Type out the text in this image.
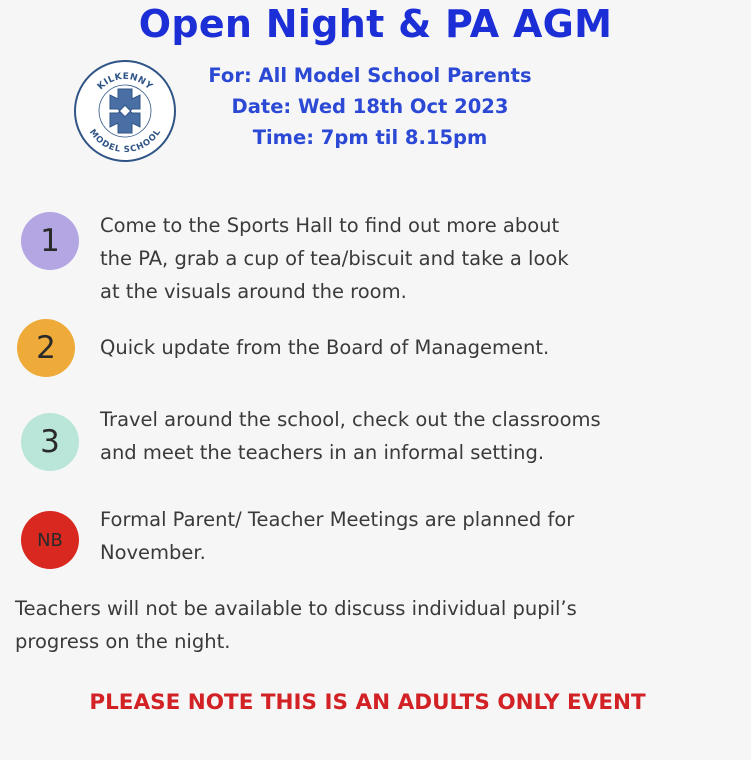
Open Night & PA AGM
KILKENNY
MODEL SCHOOL
For: All Model School Parents
Date: Wed 18th Oct 2023
Time: 7pm til 8.15pm
1	Come to the Sports Hall to find out more about
the PA, grab a cup of tea/biscuit and take a look
at the visuals around the room.
2	Quick update from the Board of Management.
3
Travel around the school, check out the classrooms
and meet the teachers in an informal setting.
NB
Formal Parent/ Teacher Meetings are planned for
November.
Teachers will not be available to discuss individual pupil’s
progress on the night.
PLEASE NOTE THIS IS AN ADULTS ONLY EVENT
